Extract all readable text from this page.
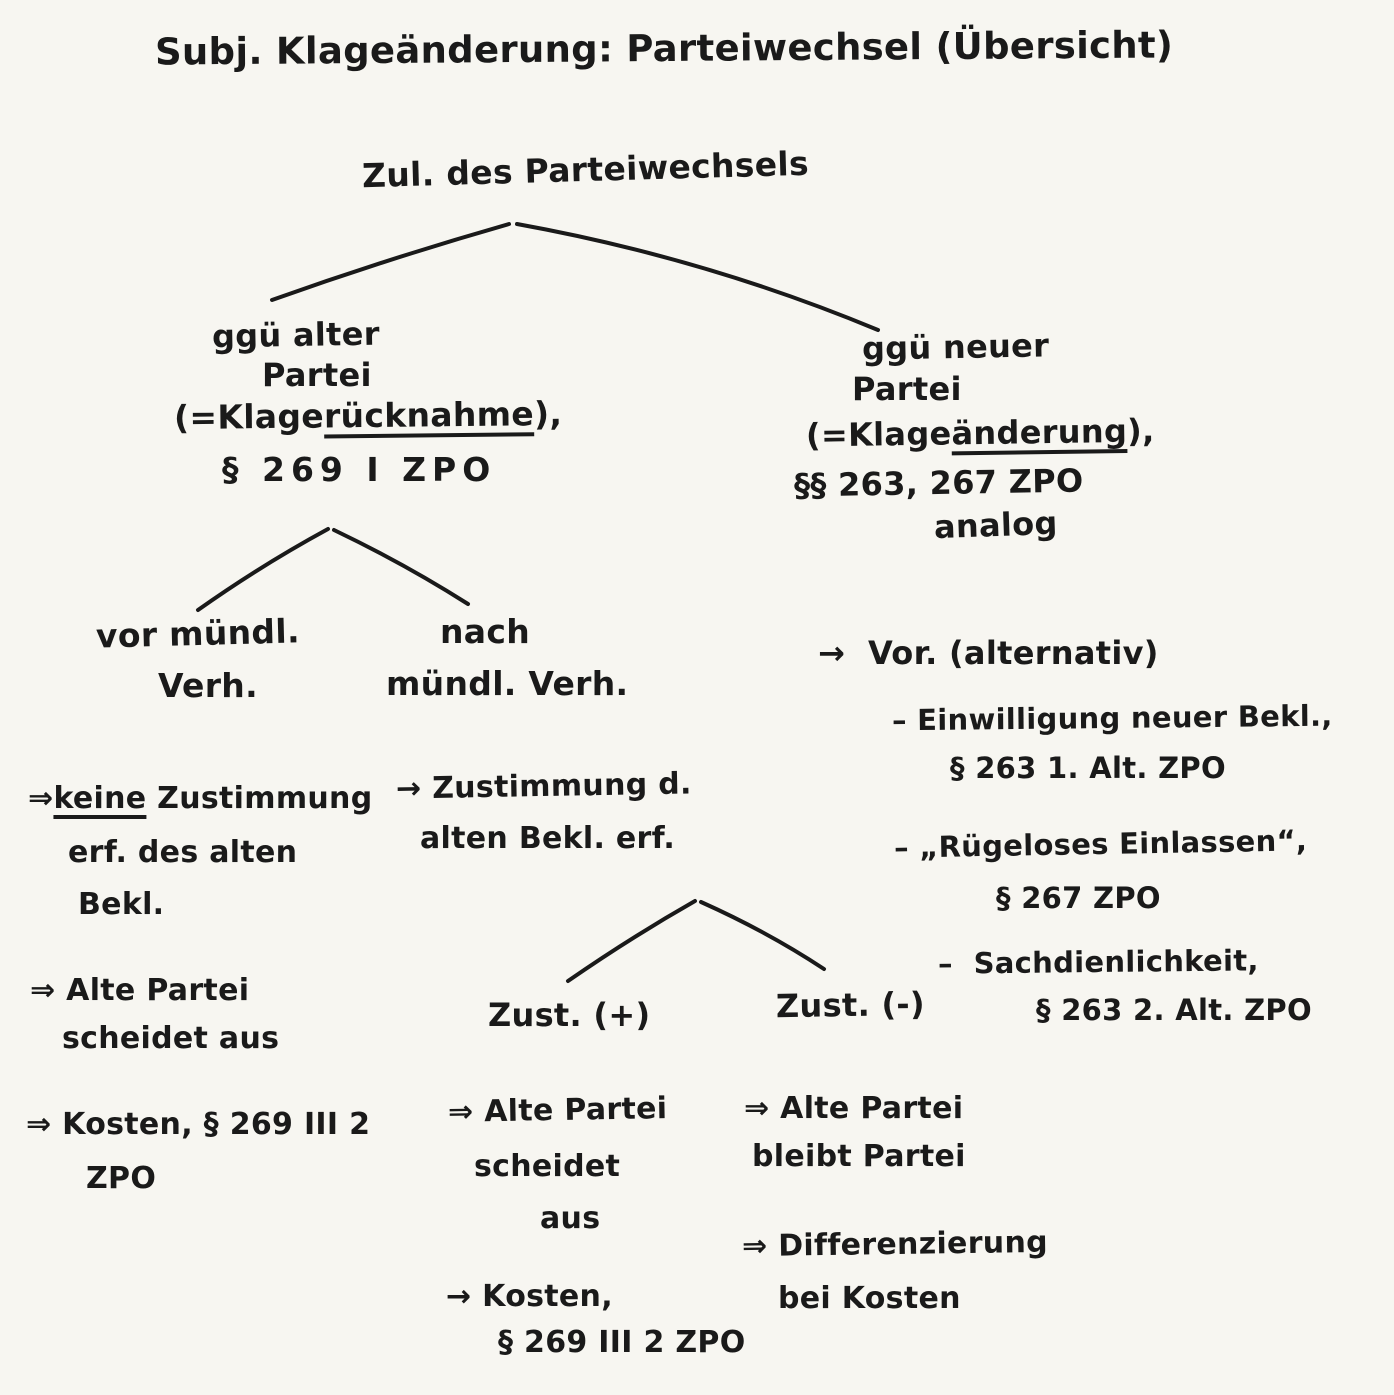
Subj. Klageänderung: Parteiwechsel (Übersicht)
Zul. des Parteiwechsels
ggü alter
Partei
(=Klagerücknahme),
§ 269 I ZPO
ggü neuer
Partei
(=Klageänderung),
§§ 263, 267 ZPO
analog
vor mündl.
Verh.
⇒keine Zustimmung
erf. des alten
Bekl.
⇒ Alte Partei
scheidet aus
⇒ Kosten, § 269 III 2
ZPO
nach
mündl. Verh.
→ Zustimmung d.
alten Bekl. erf.
Zust. (+)	Zust. (-)
⇒ Alte Partei
scheidet
aus
→ Kosten,
§ 269 III 2 ZPO
⇒ Alte Partei
bleibt Partei
⇒ Differenzierung
bei Kosten
→  Vor. (alternativ)
– Einwilligung neuer Bekl.,
§ 263 1. Alt. ZPO
– „Rügeloses Einlassen“,
§ 267 ZPO
–  Sachdienlichkeit,
§ 263 2. Alt. ZPO
